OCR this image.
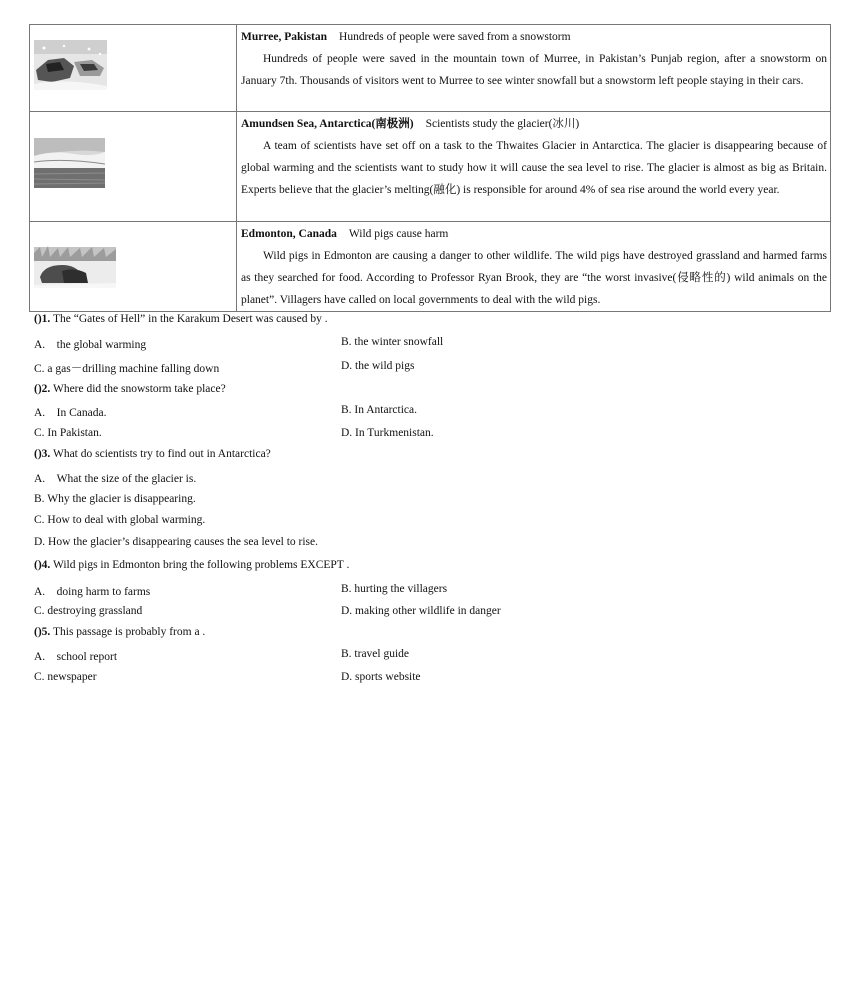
Murree, Pakistan Hundreds of people were saved from a snowstorm
Hundreds of people were saved in the mountain town of Murree, in Pakistan’s Punjab region, after a snowstorm on January 7th. Thousands of visitors went to Murree to see winter snowfall but a snowstorm left people staying in their cars.

Amundsen Sea, Antarctica(南极洲) Scientists study the glacier(冰川)
A team of scientists have set off on a task to the Thwaites Glacier in Antarctica. The glacier is disappearing because of global warming and the scientists want to study how it will cause the sea level to rise. The glacier is almost as big as Britain. Experts believe that the glacier’s melting(融化) is responsible for around 4% of sea rise around the world every year.

Edmonton, Canada Wild pigs cause harm
Wild pigs in Edmonton are causing a danger to other wildlife. The wild pigs have destroyed grassland and harmed farms as they searched for food. According to Professor Ryan Brook, they are “the worst invasive(侵略性的) wild animals on the planet”. Villagers have called on local governments to deal with the wild pigs.
()1. The “Gates of Hell” in the Karakum Desert was caused by .
A.　the global warming	B. the winter snowfall
C. a gas－drilling machine falling down	D. the wild pigs
()2. Where did the snowstorm take place?
A.　In Canada.	B. In Antarctica.
C. In Pakistan.	D. In Turkmenistan.
()3. What do scientists try to find out in Antarctica?
A.　What the size of the glacier is.
B. Why the glacier is disappearing.
C. How to deal with global warming.
D. How the glacier’s disappearing causes the sea level to rise.
()4. Wild pigs in Edmonton bring the following problems EXCEPT .
A.　doing harm to farms	B. hurting the villagers
C. destroying grassland	D. making other wildlife in danger
()5. This passage is probably from a .
A.　school report	B. travel guide
C. newspaper	D. sports website
